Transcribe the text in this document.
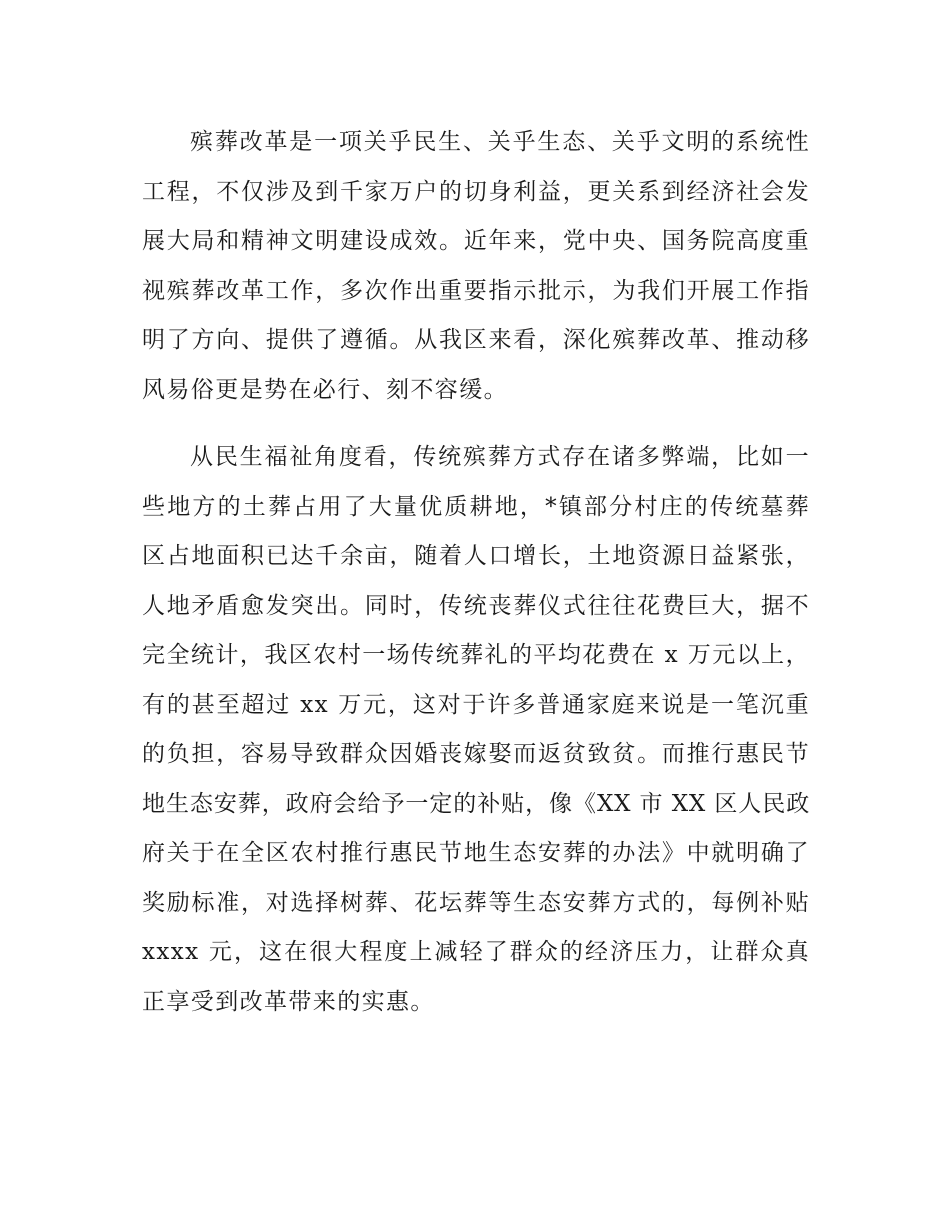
殡葬改革是一项关乎民生、关乎生态、关乎文明的系统性
工程，不仅涉及到千家万户的切身利益，更关系到经济社会发
展大局和精神文明建设成效。近年来，党中央、国务院高度重
视殡葬改革工作，多次作出重要指示批示，为我们开展工作指
明了方向、提供了遵循。从我区来看，深化殡葬改革、推动移
风易俗更是势在必行、刻不容缓。
从民生福祉角度看，传统殡葬方式存在诸多弊端，比如一
些地方的土葬占用了大量优质耕地，*镇部分村庄的传统墓葬
区占地面积已达千余亩，随着人口增长，土地资源日益紧张，
人地矛盾愈发突出。同时，传统丧葬仪式往往花费巨大，据不
完全统计，我区农村一场传统葬礼的平均花费在 x 万元以上，
有的甚至超过 xx 万元，这对于许多普通家庭来说是一笔沉重
的负担，容易导致群众因婚丧嫁娶而返贫致贫。而推行惠民节
地生态安葬，政府会给予一定的补贴，像《XX 市 XX 区人民政
府关于在全区农村推行惠民节地生态安葬的办法》中就明确了
奖励标准，对选择树葬、花坛葬等生态安葬方式的，每例补贴
xxxx 元，这在很大程度上减轻了群众的经济压力，让群众真
正享受到改革带来的实惠。
